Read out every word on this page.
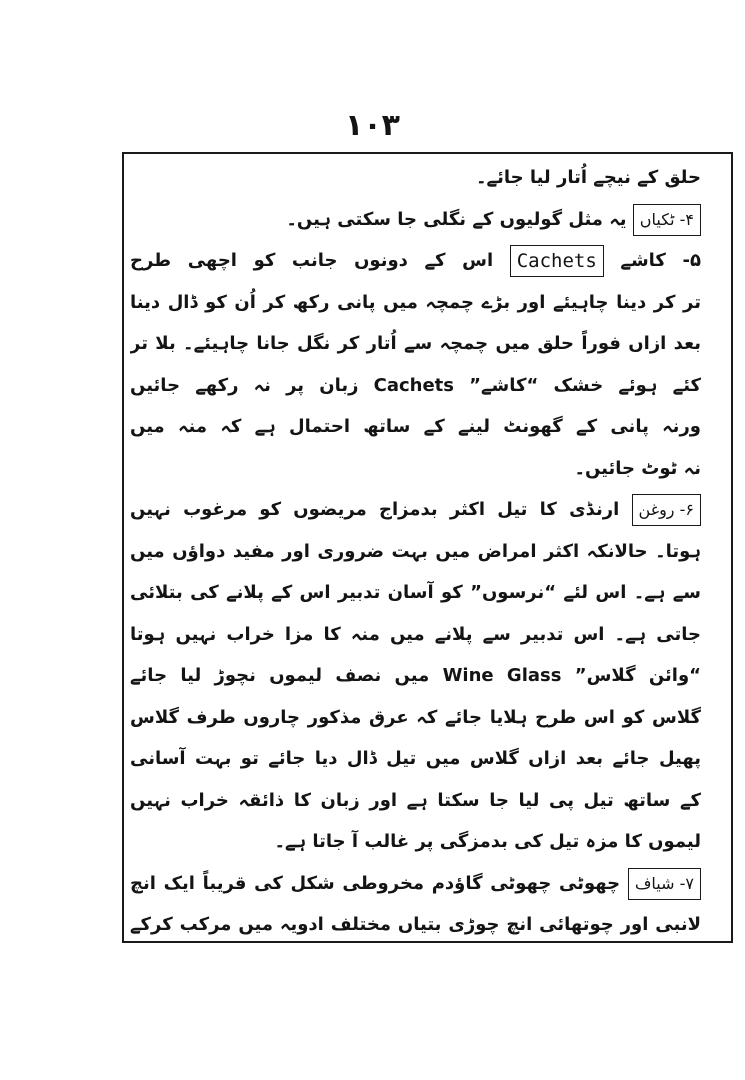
۱۰۳
حلق کے نیچے اُتار لیا جائے۔
۴- ٹکیاں یہ مثل گولیوں کے نگلی جا سکتی ہیں۔
۵- کاشے Cachets اس کے دونوں جانب کو اچھی طرح
تر کر دینا چاہیئے اور بڑے چمچہ میں پانی رکھ کر اُن کو ڈال دینا
بعد ازاں فوراً حلق میں چمچہ سے اُتار کر نگل جانا چاہیئے۔ بلا تر
کئے ہوئے خشک “کاشے” Cachets زبان پر نہ رکھے جائیں
ورنہ پانی کے گھونٹ لینے کے ساتھ احتمال ہے کہ منہ میں
نہ ٹوٹ جائیں۔
۶- روغن ارنڈی کا تیل اکثر بدمزاج مریضوں کو مرغوب نہیں
ہوتا۔ حالانکہ اکثر امراض میں بہت ضروری اور مفید دواؤں میں
سے ہے۔ اس لئے “نرسوں” کو آسان تدبیر اس کے پلانے کی بتلائی
جاتی ہے۔ اس تدبیر سے پلانے میں منہ کا مزا خراب نہیں ہوتا
“وائن گلاس” Wine Glass میں نصف لیموں نچوڑ لیا جائے
گلاس کو اس طرح ہلایا جائے کہ عرق مذکور چاروں طرف گلاس
پھیل جائے بعد ازاں گلاس میں تیل ڈال دیا جائے تو بہت آسانی
کے ساتھ تیل پی لیا جا سکتا ہے اور زبان کا ذائقہ خراب نہیں
لیموں کا مزہ تیل کی بدمزگی پر غالب آ جاتا ہے۔
۷- شیاف چھوٹی چھوٹی گاؤدم مخروطی شکل کی قریباً ایک انچ
لانبی اور چوتھائی انچ چوڑی بتیاں مختلف ادویہ میں مرکب کرکے
